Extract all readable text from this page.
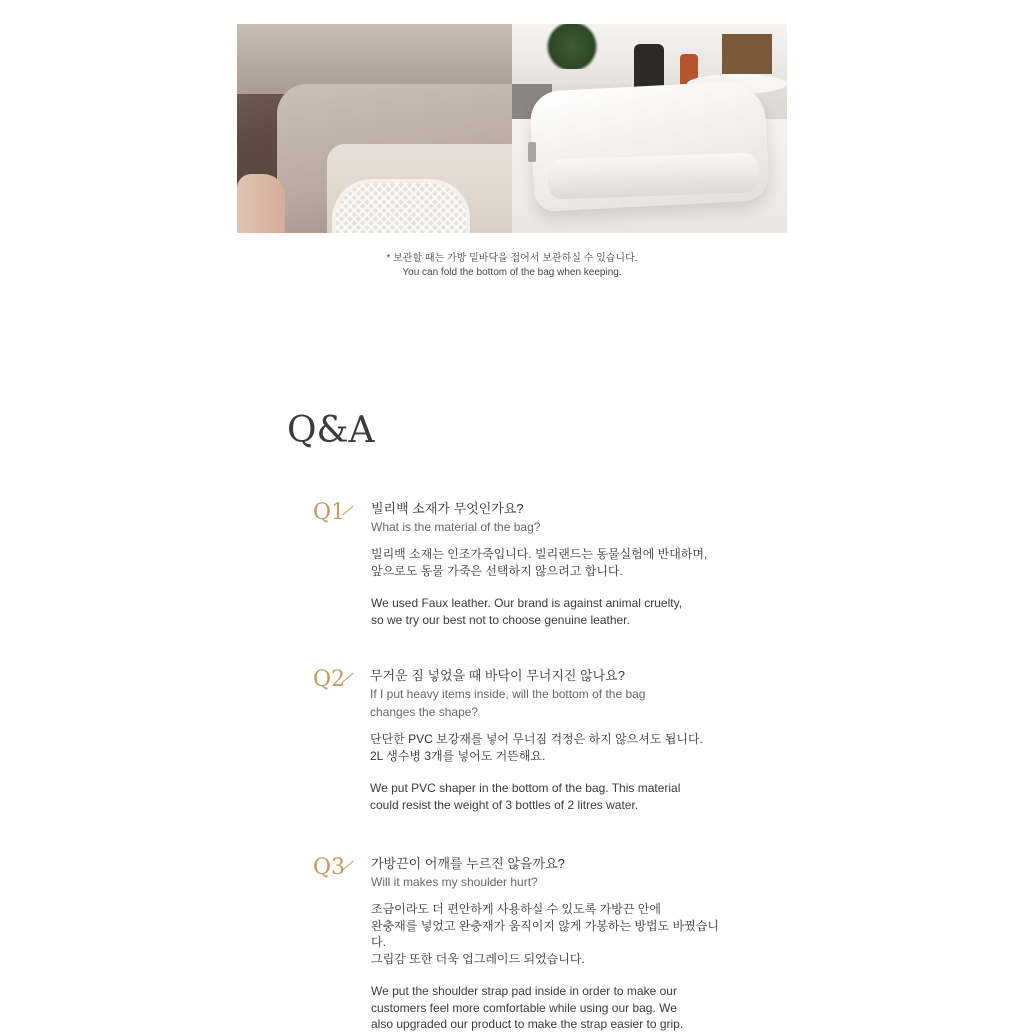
* 보관할 때는 가방 밑바닥을 접어서 보관하실 수 있습니다.
You can fold the bottom of the bag when keeping.
Q&A
Q1 빌리백 소재가 무엇인가요?
What is the material of the bag?
빌리백 소재는 인조가죽입니다. 빌리랜드는 동물실험에 반대하며,
앞으로도 동물 가죽은 선택하지 않으려고 합니다.
We used Faux leather. Our brand is against animal cruelty,
so we try our best not to choose genuine leather.
Q2 무거운 짐 넣었을 때 바닥이 무너지진 않나요?
If I put heavy items inside, will the bottom of the bag
changes the shape?
단단한 PVC 보강재를 넣어 무너짐 걱정은 하지 않으셔도 됩니다.
2L 생수병 3개를 넣어도 거뜬해요.
We put PVC shaper in the bottom of the bag. This material
could resist the weight of 3 bottles of 2 litres water.
Q3 가방끈이 어깨를 누르진 않을까요?
Will it makes my shoulder hurt?
조금이라도 더 편안하게 사용하실 수 있도록 가방끈 안에
완충재를 넣었고 완충재가 움직이지 않게 가봉하는 방법도 바꿨습니다.
그립감 또한 더욱 업그레이드 되었습니다.
We put the shoulder strap pad inside in order to make our
customers feel more comfortable while using our bag. We
also upgraded our product to make the strap easier to grip.
